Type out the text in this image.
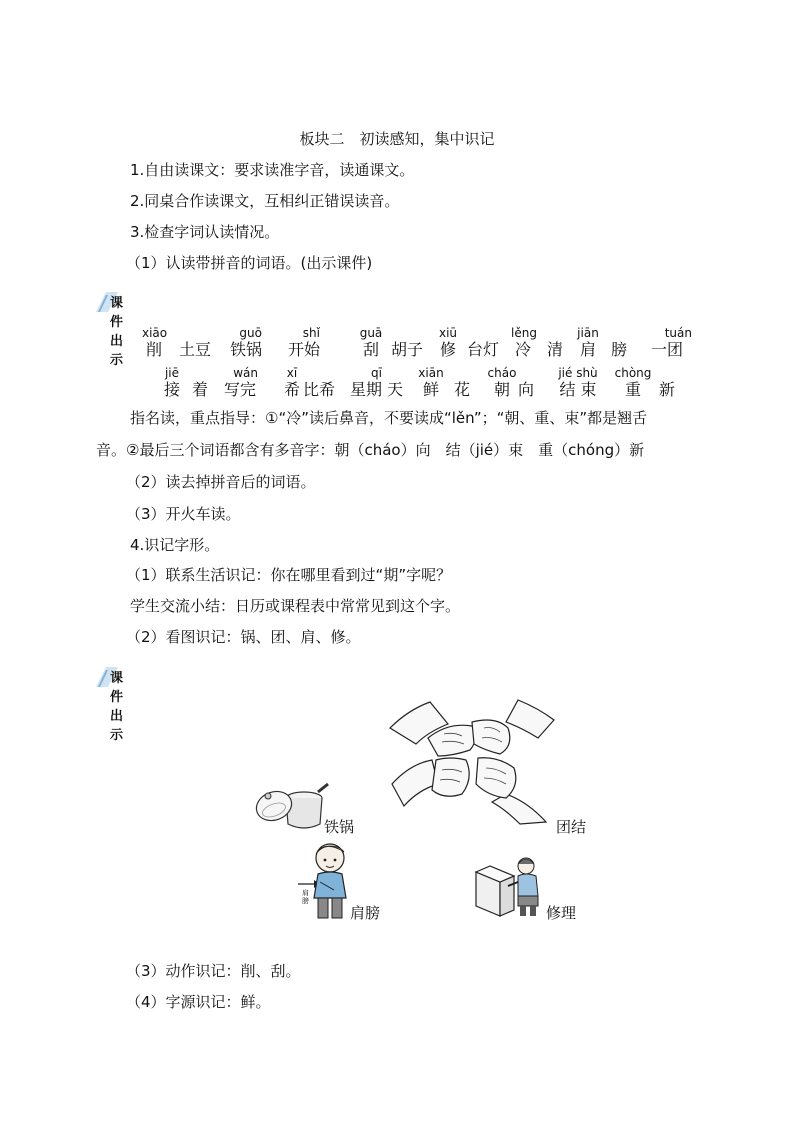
板块二　初读感知，集中识记
1.自由读课文：要求读准字音，读通课文。
2.同桌合作读课文，互相纠正错误读音。
3.检查字词认读情况。
（1）认读带拼音的词语。(出示课件)
课件出示
xiāo
削 土豆
guō
铁锅
shǐ
开始
guā
刮 胡子
xiū
修 台灯
lěng
冷 清
jiān
肩 膀
tuán
一团
jiē
接 着
wán
写完
xī
希 比希
qī
星期 天
xiān
鲜 花
cháo
朝 向
jié shù
结 束
chòng
重	新
指名读，重点指导：①“冷”读后鼻音，不要读成“lěn”；“朝、重、束”都是翘舌
音。②最后三个词语都含有多音字：朝（cháo）向　结（jié）束　重（chóng）新
（2）读去掉拼音后的词语。
（3）开火车读。
4.识记字形。
（1）联系生活识记：你在哪里看到过“期”字呢？
学生交流小结：日历或课程表中常常见到这个字。
（2）看图识记：锅、团、肩、修。
课件出示
铁锅	团结
肩膀
肩膀	修理
（3）动作识记：削、刮。
（4）字源识记：鲜。
